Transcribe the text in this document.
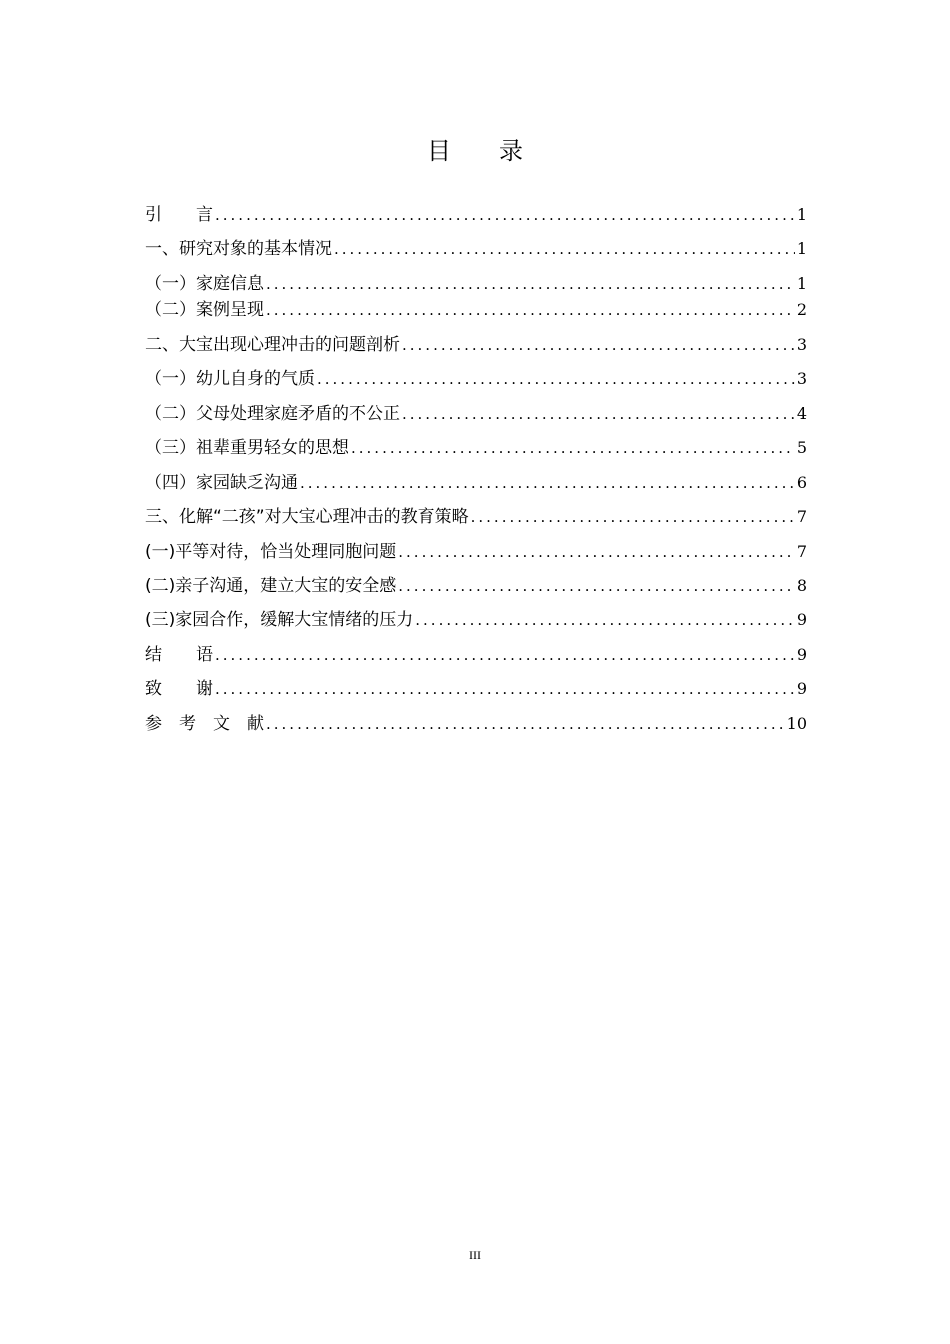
目　　录
引　　言 .....	1
一、研究对象的基本情况 .....	1
（一）家庭信息 .....	1
（二）案例呈现 .....	2
二、大宝出现心理冲击的问题剖析 .....	3
（一）幼儿自身的气质 .....	3
（二）父母处理家庭矛盾的不公正 .....	4
（三）祖辈重男轻女的思想 .....	5
（四）家园缺乏沟通 .....	6
三、化解“二孩”对大宝心理冲击的教育策略 .....	7
(一)平等对待，恰当处理同胞问题 .....	7
(二)亲子沟通，建立大宝的安全感 .....	8
(三)家园合作，缓解大宝情绪的压力 .....	9
结　　语 .....	9
致　　谢 .....	9
参　考　文　献 .....	10
III
